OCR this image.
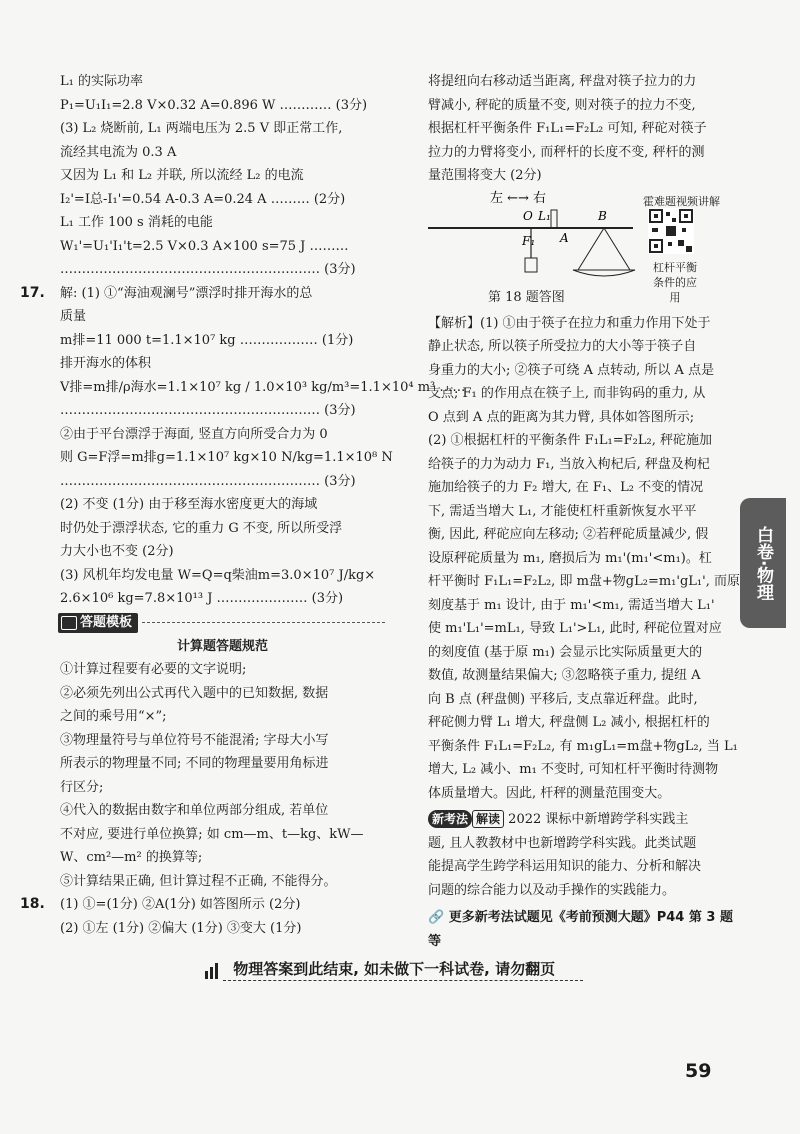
L₁ 的实际功率
P₁=U₁I₁=2.8 V×0.32 A=0.896 W ………… (3分)
(3) L₂ 烧断前, L₁ 两端电压为 2.5 V 即正常工作,
流经其电流为 0.3 A
又因为 L₁ 和 L₂ 并联, 所以流经 L₂ 的电流
I₂'=I总-I₁'=0.54 A-0.3 A=0.24 A ……… (2分)
L₁ 工作 100 s 消耗的电能
W₁'=U₁'I₁'t=2.5 V×0.3 A×100 s=75 J ………
…………………………………………………… (3分)
17. 解: (1) ①“海油观澜号”漂浮时排开海水的总
质量
m排=11 000 t=1.1×10⁷ kg ……………… (1分)
排开海水的体积
V排=m排/ρ海水=1.1×10⁷ kg / 1.0×10³ kg/m³=1.1×10⁴ m³ ……
…………………………………………………… (3分)
②由于平台漂浮于海面, 竖直方向所受合力为 0
则 G=F浮=m排g=1.1×10⁷ kg×10 N/kg=1.1×10⁸ N
…………………………………………………… (3分)
(2) 不变 (1分) 由于移至海水密度更大的海域
时仍处于漂浮状态, 它的重力 G 不变, 所以所受浮
力大小也不变 (2分)
(3) 风机年均发电量 W=Q=q柴油m=3.0×10⁷ J/kg×
2.6×10⁶ kg=7.8×10¹³ J ………………… (3分)
答题模板
计算题答题规范
①计算过程要有必要的文字说明;
②必须先列出公式再代入题中的已知数据, 数据
之间的乘号用“×”;
③物理量符号与单位符号不能混淆; 字母大小写
所表示的物理量不同; 不同的物理量要用角标进
行区分;
④代入的数据由数字和单位两部分组成, 若单位
不对应, 要进行单位换算; 如 cm—m、t—kg、kW—
W、cm²—m² 的换算等;
⑤计算结果正确, 但计算过程不正确, 不能得分。
18. (1) ①=(1分) ②A(1分) 如答图所示 (2分)
(2) ①左 (1分) ②偏大 (1分) ③变大 (1分)
将提纽向右移动适当距离, 秤盘对筷子拉力的力
臂减小, 秤砣的质量不变, 则对筷子的拉力不变,
根据杠杆平衡条件 F₁L₁=F₂L₂ 可知, 秤砣对筷子
拉力的力臂将变小, 而秤杆的长度不变, 秤杆的测
量范围将变大 (2分)
左 ←→ 右
O L₁
A
B
F₁
第 18 题答图
霍难题视频讲解
杠杆平衡条件的应用
【解析】(1) ①由于筷子在拉力和重力作用下处于
静止状态, 所以筷子所受拉力的大小等于筷子自
身重力的大小; ②筷子可绕 A 点转动, 所以 A 点是
支点; F₁ 的作用点在筷子上, 而非钩码的重力, 从
O 点到 A 点的距离为其力臂, 具体如答图所示;
(2) ①根据杠杆的平衡条件 F₁L₁=F₂L₂, 秤砣施加
给筷子的力为动力 F₁, 当放入枸杞后, 秤盘及枸杞
施加给筷子的力 F₂ 增大, 在 F₁、L₂ 不变的情况
下, 需适当增大 L₁, 才能使杠杆重新恢复水平平
衡, 因此, 秤砣应向左移动; ②若秤砣质量减少, 假
设原秤砣质量为 m₁, 磨损后为 m₁'(m₁'<m₁)。杠
杆平衡时 F₁L₁=F₂L₂, 即 m盘+物gL₂=m₁'gL₁', 而原
刻度基于 m₁ 设计, 由于 m₁'<m₁, 需适当增大 L₁'
使 m₁'L₁'=mL₁, 导致 L₁'>L₁, 此时, 秤砣位置对应
的刻度值 (基于原 m₁) 会显示比实际质量更大的
数值, 故测量结果偏大; ③忽略筷子重力, 提纽 A
向 B 点 (秤盘侧) 平移后, 支点靠近秤盘。此时,
秤砣侧力臂 L₁ 增大, 秤盘侧 L₂ 减小, 根据杠杆的
平衡条件 F₁L₁=F₂L₂, 有 m₁gL₁=m盘+物gL₂, 当 L₁
增大, L₂ 减小、m₁ 不变时, 可知杠杆平衡时待测物
体质量增大。因此, 杆秤的测量范围变大。
新考法 解读 2022 课标中新增跨学科实践主
题, 且人教教材中也新增跨学科实践。此类试题
能提高学生跨学科运用知识的能力、分析和解决
问题的综合能力以及动手操作的实践能力。
🔗 更多新考法试题见《考前预测大题》P44 第 3 题
等
白卷·物理
物理答案到此结束, 如未做下一科试卷, 请勿翻页
59
